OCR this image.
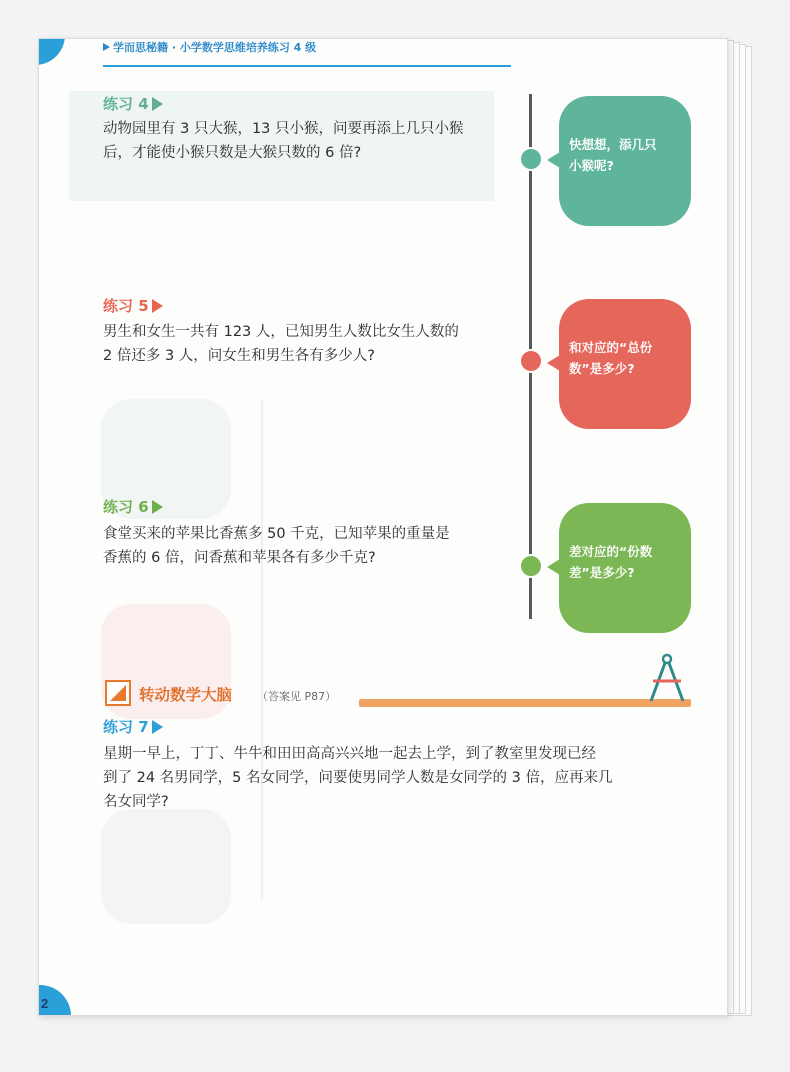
2
学而思秘籍 · 小学数学思维培养练习 4 级
快想想，添几只
小猴呢?
和对应的“总份
数”是多少?
差对应的“份数
差”是多少?
练习 4
动物园里有 3 只大猴，13 只小猴，问要再添上几只小猴
后，才能使小猴只数是大猴只数的 6 倍?
练习 5
男生和女生一共有 123 人，已知男生人数比女生人数的
2 倍还多 3 人，问女生和男生各有多少人?
练习 6
食堂买来的苹果比香蕉多 50 千克，已知苹果的重量是
香蕉的 6 倍，问香蕉和苹果各有多少千克?
转动数学大脑 （答案见 P87）
练习 7
星期一早上，丁丁、牛牛和田田高高兴兴地一起去上学，到了教室里发现已经
到了 24 名男同学，5 名女同学，问要使男同学人数是女同学的 3 倍，应再来几
名女同学?
